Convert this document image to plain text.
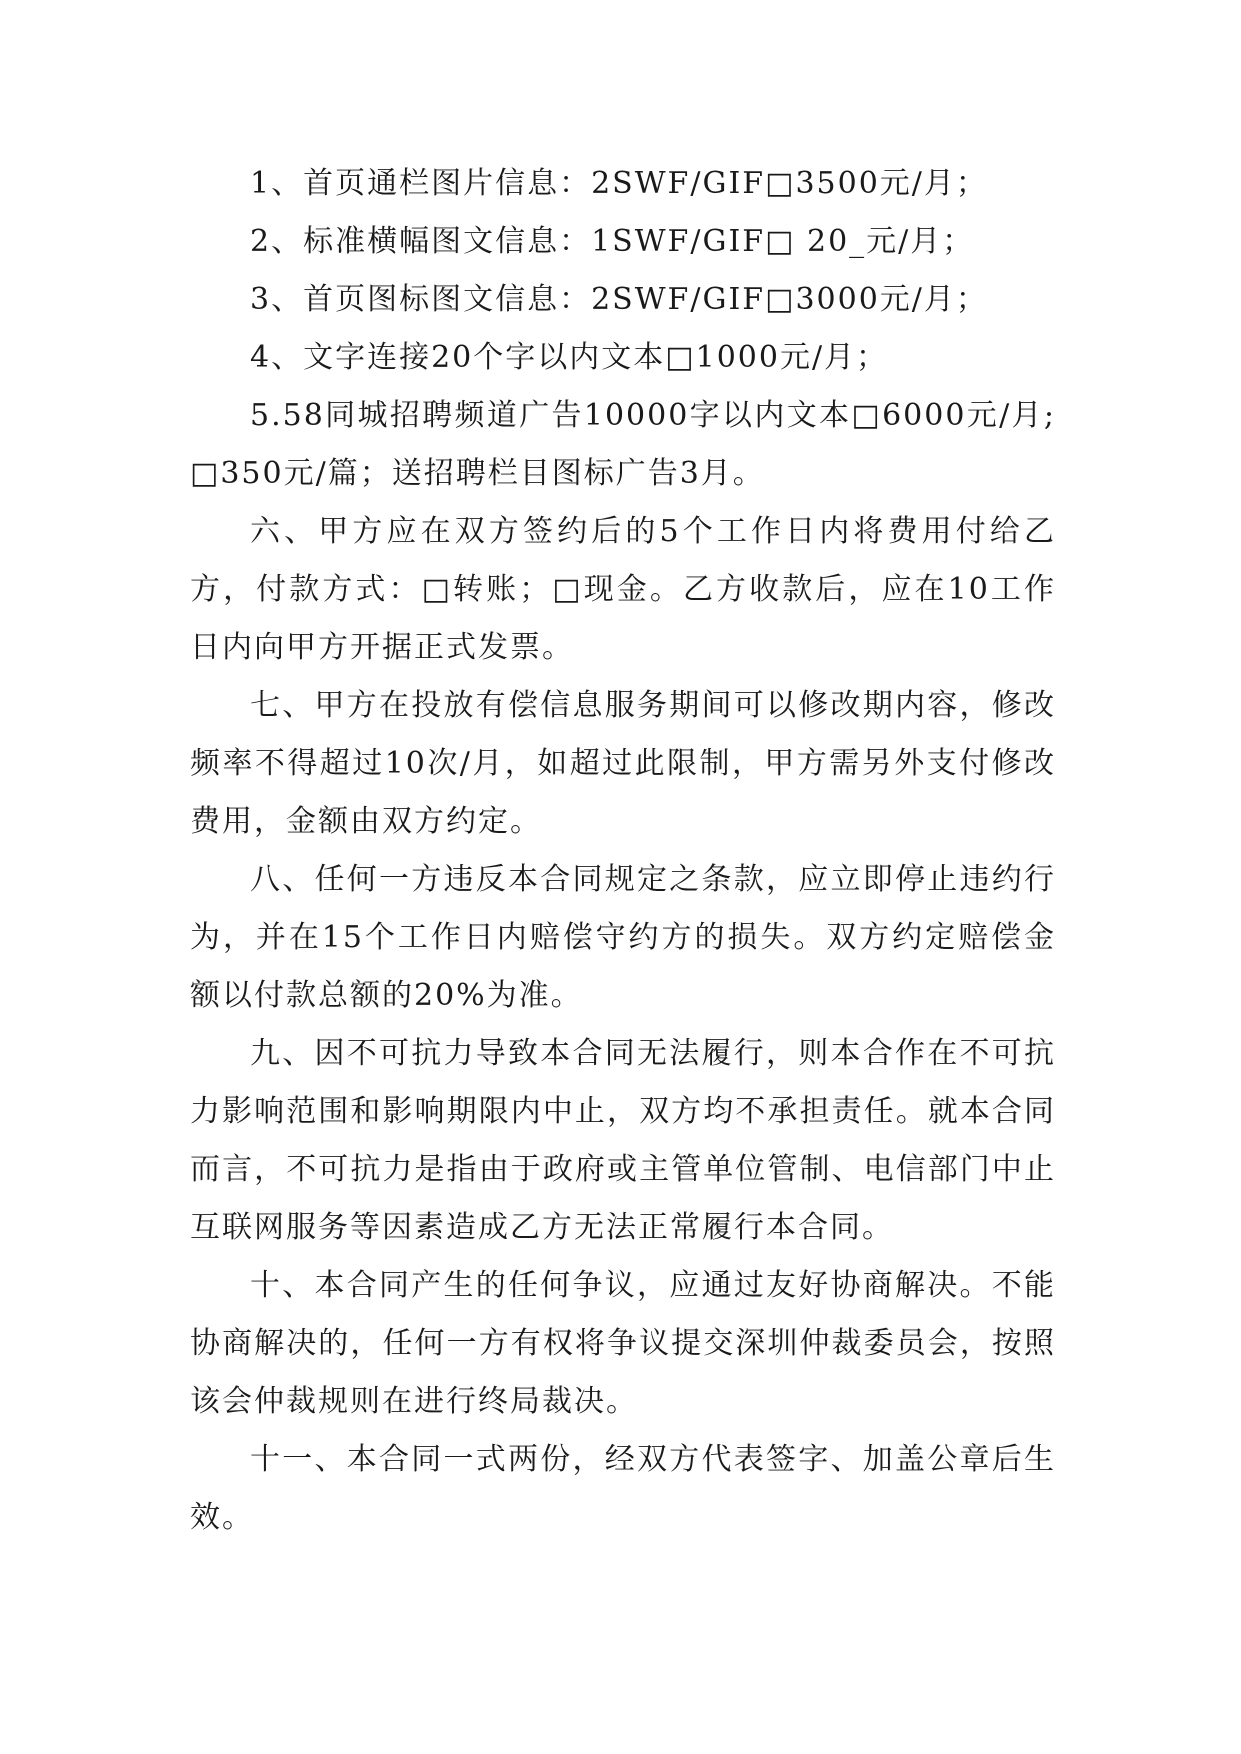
1、首页通栏图片信息：2SWF/GIF□3500元/月；

2、标准横幅图文信息：1SWF/GIF□ 20_元/月；

3、首页图标图文信息：2SWF/GIF□3000元/月；

4、文字连接20个字以内文本□1000元/月；

5.58同城招聘频道广告10000字以内文本□6000元/月;□350元/篇；送招聘栏目图标广告3月。

六、甲方应在双方签约后的5个工作日内将费用付给乙方，付款方式：□转账；□现金。乙方收款后，应在10工作日内向甲方开据正式发票。

七、甲方在投放有偿信息服务期间可以修改期内容，修改频率不得超过10次/月，如超过此限制，甲方需另外支付修改费用，金额由双方约定。

八、任何一方违反本合同规定之条款，应立即停止违约行为，并在15个工作日内赔偿守约方的损失。双方约定赔偿金额以付款总额的20%为准。

九、因不可抗力导致本合同无法履行，则本合作在不可抗力影响范围和影响期限内中止，双方均不承担责任。就本合同而言，不可抗力是指由于政府或主管单位管制、电信部门中止互联网服务等因素造成乙方无法正常履行本合同。

十、本合同产生的任何争议，应通过友好协商解决。不能协商解决的，任何一方有权将争议提交深圳仲裁委员会，按照该会仲裁规则在进行终局裁决。

十一、本合同一式两份，经双方代表签字、加盖公章后生效。
